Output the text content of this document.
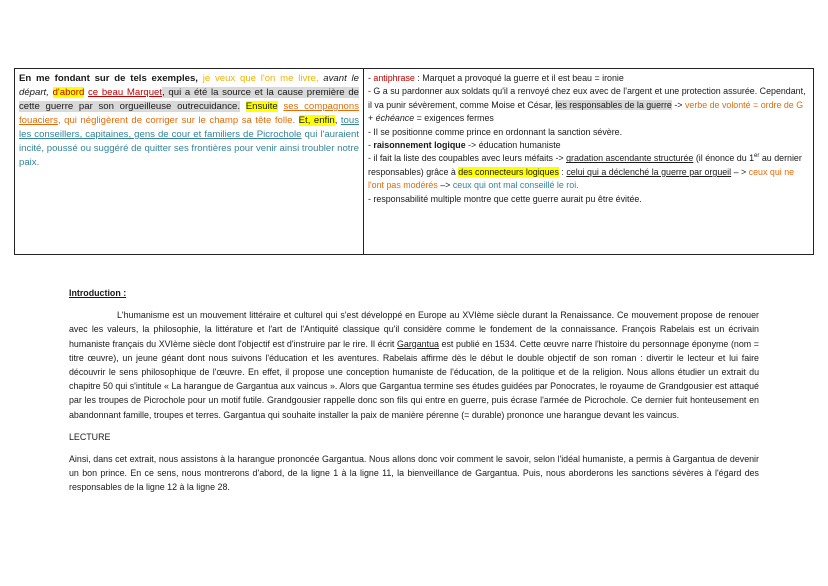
En me fondant sur de tels exemples, je veux que l'on me livre, avant le départ, d'abord ce beau Marquet, qui a été la source et la cause première de cette guerre par son orgueilleuse outrecuidance. Ensuite ses compagnons fouaciers, qui négligèrent de corriger sur le champ sa tête folle. Et, enfin, tous les conseillers, capitaines, gens de cour et familiers de Picrochole qui l'auraient incité, poussé ou suggéré de quitter ses frontières pour venir ainsi troubler notre paix.
- antiphrase : Marquet a provoqué la guerre et il est beau = ironie
- G a su pardonner aux soldats qu'il a renvoyé chez eux avec de l'argent et une protection assurée. Cependant, il va punir sévèrement, comme Moise et César, les responsables de la guerre -> verbe de volonté = ordre de G + échéance = exigences fermes
- Il se positionne comme prince en ordonnant la sanction sévère.
- raisonnement logique -> éducation humaniste
- il fait la liste des coupables avec leurs méfaits -> gradation ascendante structurée (il énonce du 1er au dernier responsables) grâce à des connecteurs logiques : celui qui a déclenché la guerre par orgueil – > ceux qui ne l'ont pas modérés –> ceux qui ont mal conseillé le roi.
- responsabilité multiple montre que cette guerre aurait pu être évitée.

Introduction :

L'humanisme est un mouvement littéraire et culturel qui s'est développé en Europe au XVIème siècle durant la Renaissance. Ce mouvement propose de renouer avec les valeurs, la philosophie, la littérature et l'art de l'Antiquité classique qu'il considère comme le fondement de la connaissance. François Rabelais est un écrivain humaniste français du XVIème siècle dont l'objectif est d'instruire par le rire. Il écrit Gargantua est publié en 1534. Cette œuvre narre l'histoire du personnage éponyme (nom = titre œuvre), un jeune géant dont nous suivons l'éducation et les aventures. Rabelais affirme dès le début le double objectif de son roman : divertir le lecteur et lui faire découvrir le sens philosophique de l'œuvre. En effet, il propose une conception humaniste de l'éducation, de la politique et de la religion. Nous allons étudier un extrait du chapitre 50 qui s'intitule « La harangue de Gargantua aux vaincus ». Alors que Gargantua termine ses études guidées par Ponocrates, le royaume de Grandgousier est attaqué par les troupes de Picrochole pour un motif futile. Grandgousier rappelle donc son fils qui entre en guerre, puis écrase l'armée de Picrochole. Ce dernier fuit honteusement en abandonnant famille, troupes et terres. Gargantua qui souhaite installer la paix de manière pérenne (= durable) prononce une harangue devant les vaincus.

LECTURE

Ainsi, dans cet extrait, nous assistons à la harangue prononcée Gargantua. Nous allons donc voir comment le savoir, selon l'idéal humaniste, a permis à Gargantua de devenir un bon prince. En ce sens, nous montrerons d'abord, de la ligne 1 à la ligne 11, la bienveillance de Gargantua. Puis, nous aborderons les sanctions sévères à l'égard des responsables de la ligne 12 à la ligne 28.
